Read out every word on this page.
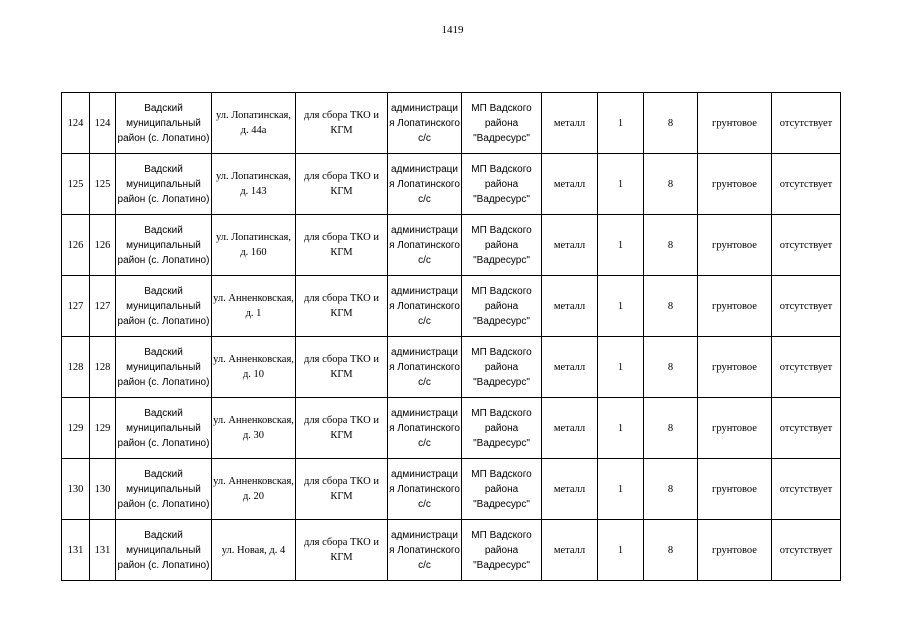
1419
124	124	Вадский муниципальный район (с. Лопатино)	ул. Лопатинская, д. 44а	для сбора ТКО и КГМ	администрация Лопатинского с/с	МП Вадского района "Вадресурс"	металл	1	8	грунтовое	отсутствует
125	125	Вадский муниципальный район (с. Лопатино)	ул. Лопатинская, д. 143	для сбора ТКО и КГМ	администрация Лопатинского с/с	МП Вадского района "Вадресурс"	металл	1	8	грунтовое	отсутствует
126	126	Вадский муниципальный район (с. Лопатино)	ул. Лопатинская, д. 160	для сбора ТКО и КГМ	администрация Лопатинского с/с	МП Вадского района "Вадресурс"	металл	1	8	грунтовое	отсутствует
127	127	Вадский муниципальный район (с. Лопатино)	ул. Анненковская, д. 1	для сбора ТКО и КГМ	администрация Лопатинского с/с	МП Вадского района "Вадресурс"	металл	1	8	грунтовое	отсутствует
128	128	Вадский муниципальный район (с. Лопатино)	ул. Анненковская, д. 10	для сбора ТКО и КГМ	администрация Лопатинского с/с	МП Вадского района "Вадресурс"	металл	1	8	грунтовое	отсутствует
129	129	Вадский муниципальный район (с. Лопатино)	ул. Анненковская, д. 30	для сбора ТКО и КГМ	администрация Лопатинского с/с	МП Вадского района "Вадресурс"	металл	1	8	грунтовое	отсутствует
130	130	Вадский муниципальный район (с. Лопатино)	ул. Анненковская, д. 20	для сбора ТКО и КГМ	администрация Лопатинского с/с	МП Вадского района "Вадресурс"	металл	1	8	грунтовое	отсутствует
131	131	Вадский муниципальный район (с. Лопатино)	ул. Новая, д. 4	для сбора ТКО и КГМ	администрация Лопатинского с/с	МП Вадского района "Вадресурс"	металл	1	8	грунтовое	отсутствует
